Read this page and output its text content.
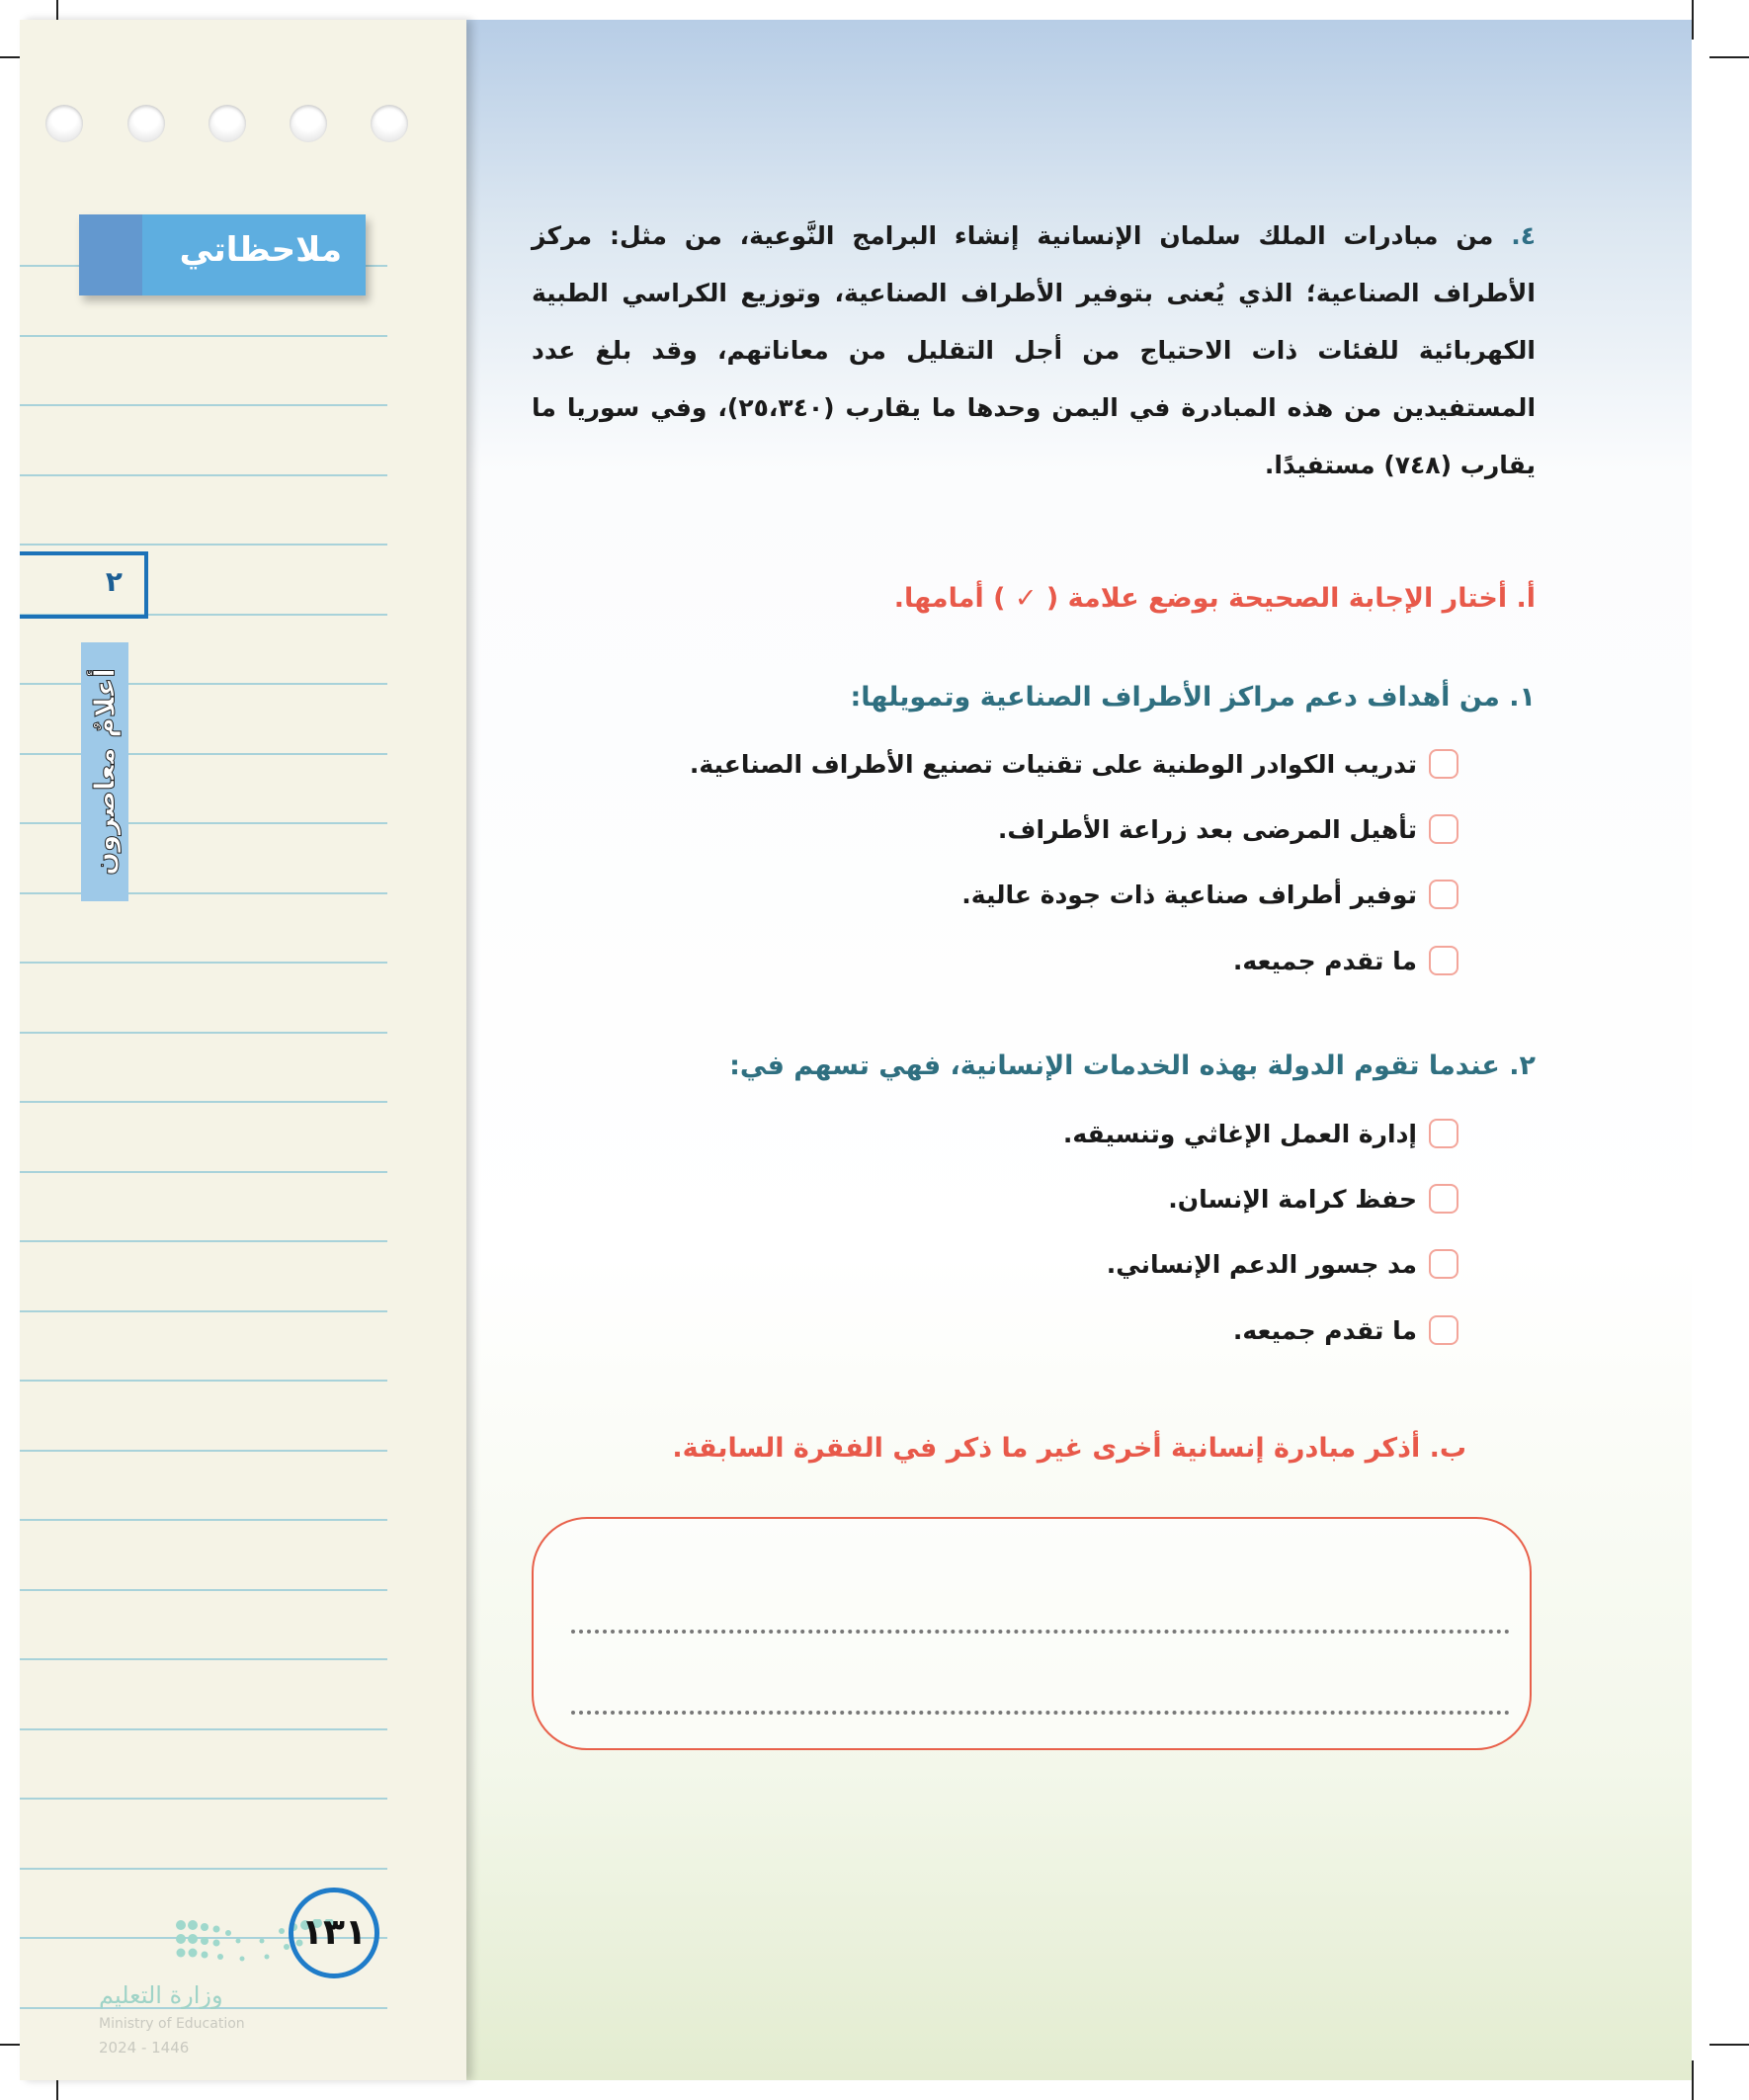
ملاحظاتي
٢
أعلامٌ معاصرون
١٣١
وزارة التعليم
Ministry of Education
2024 - 1446

٤. من مبادرات الملك سلمان الإنسانية إنشاء البرامج النَّوعية، من مثل: مركز الأطراف الصناعية؛ الذي يُعنى بتوفير الأطراف الصناعية، وتوزيع الكراسي الطبية الكهربائية للفئات ذات الاحتياج من أجل التقليل من معاناتهم، وقد بلغ عدد المستفيدين من هذه المبادرة في اليمن وحدها ما يقارب (٢٥،٣٤٠)، وفي سوريا ما يقارب (٧٤٨) مستفيدًا.

أ. أختار الإجابة الصحيحة بوضع علامة ( ✓ ) أمامها.
١. من أهداف دعم مراكز الأطراف الصناعية وتمويلها:
تدريب الكوادر الوطنية على تقنيات تصنيع الأطراف الصناعية.
تأهيل المرضى بعد زراعة الأطراف.
توفير أطراف صناعية ذات جودة عالية.
ما تقدم جميعه.
٢. عندما تقوم الدولة بهذه الخدمات الإنسانية، فهي تسهم في:
إدارة العمل الإغاثي وتنسيقه.
حفظ كرامة الإنسان.
مد جسور الدعم الإنساني.
ما تقدم جميعه.
ب. أذكر مبادرة إنسانية أخرى غير ما ذكر في الفقرة السابقة.
